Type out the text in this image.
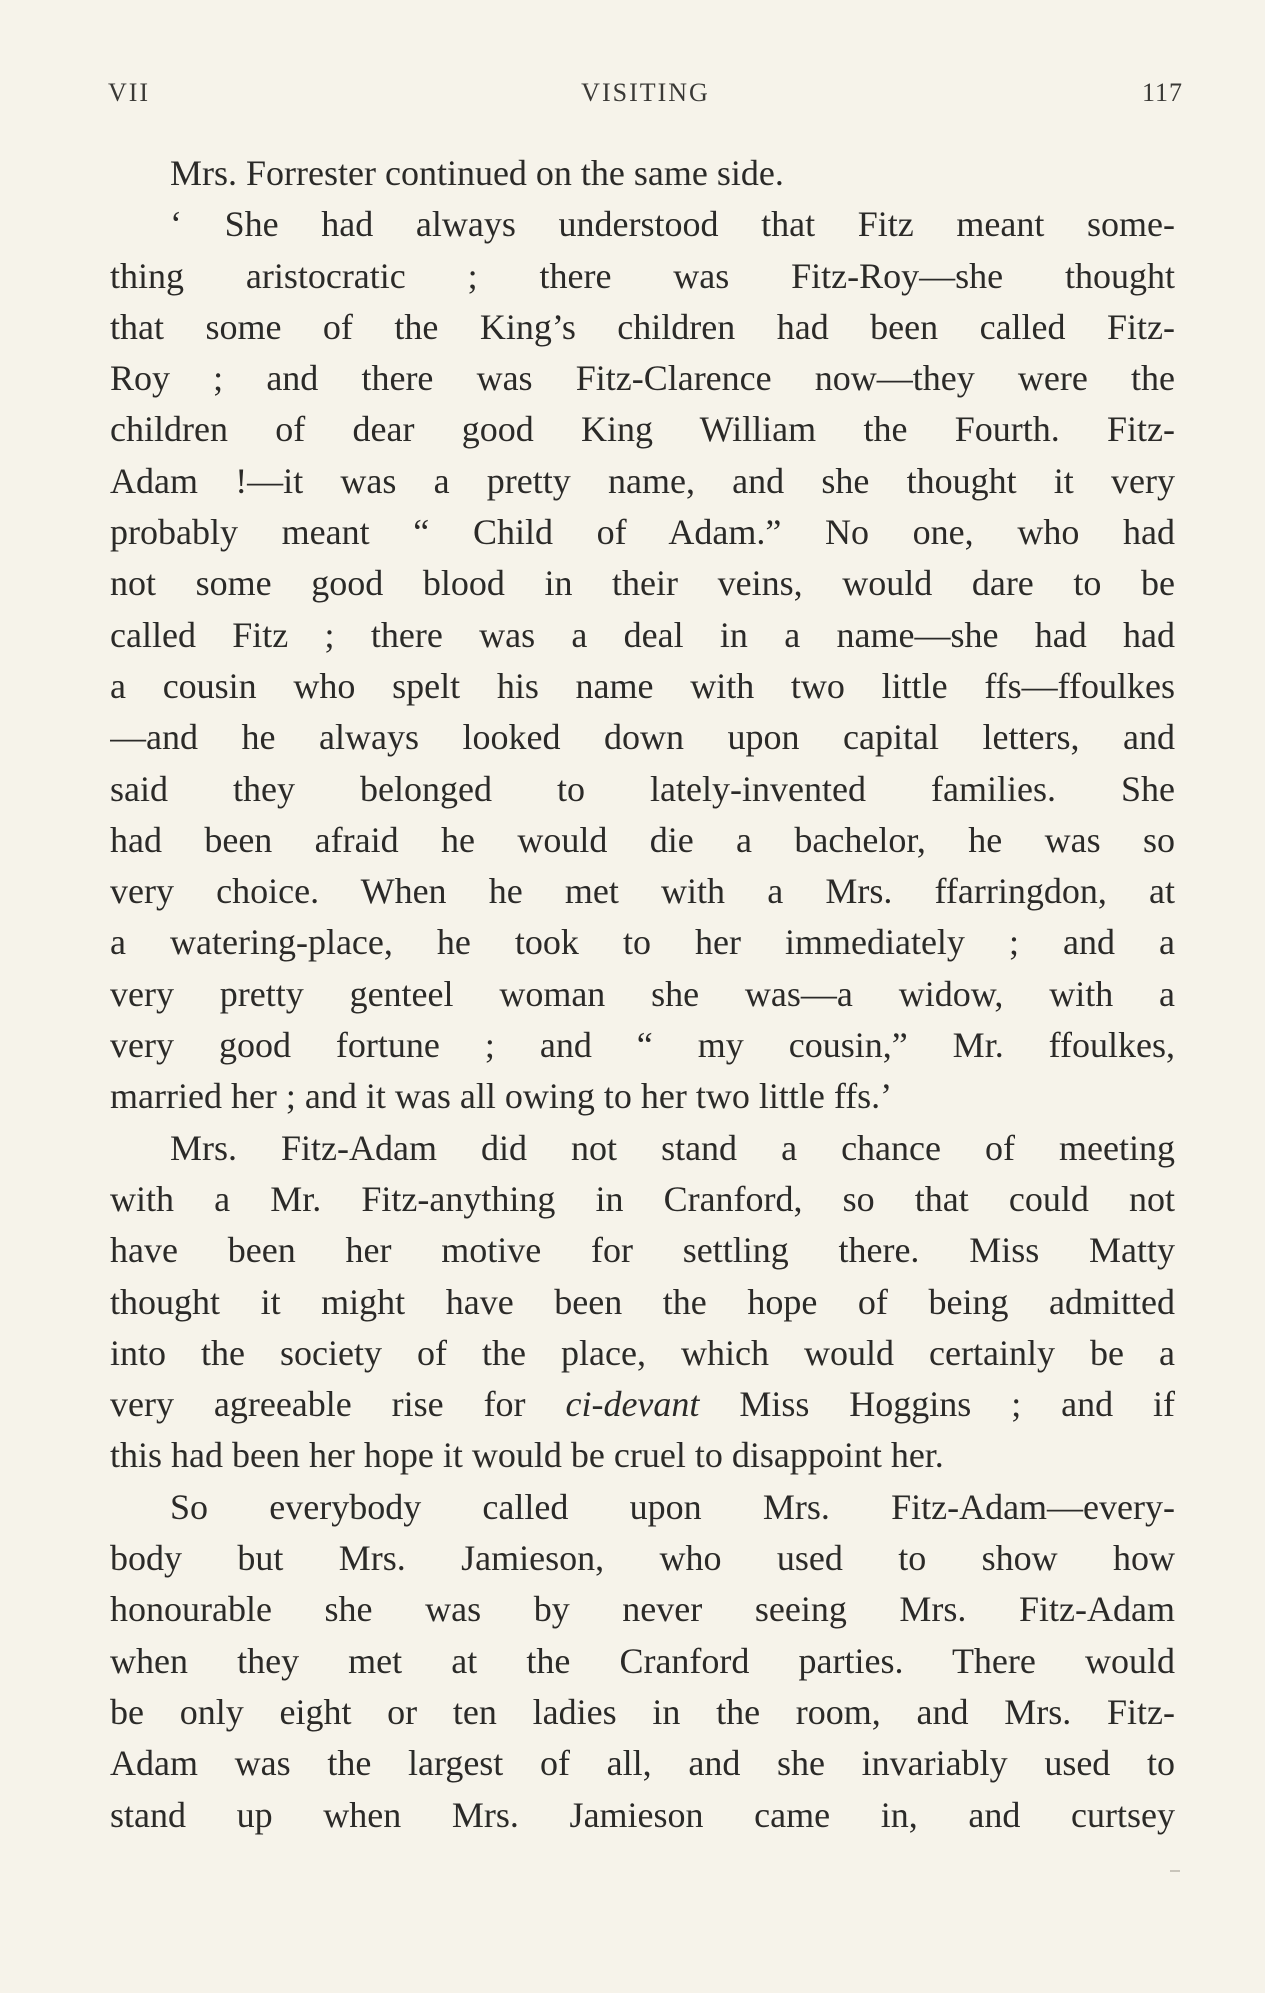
VII	VISITING	117
Mrs. Forrester continued on the same side.
‘ She had always understood that Fitz meant some-
thing aristocratic ; there was Fitz-Roy—she thought
that some of the King’s children had been called Fitz-
Roy ; and there was Fitz-Clarence now—they were the
children of dear good King William the Fourth. Fitz-
Adam !—it was a pretty name, and she thought it very
probably meant “ Child of Adam.” No one, who had
not some good blood in their veins, would dare to be
called Fitz ; there was a deal in a name—she had had
a cousin who spelt his name with two little ffs—ffoulkes
—and he always looked down upon capital letters, and
said they belonged to lately-invented families. She
had been afraid he would die a bachelor, he was so
very choice. When he met with a Mrs. ffarringdon, at
a watering-place, he took to her immediately ; and a
very pretty genteel woman she was—a widow, with a
very good fortune ; and “ my cousin,” Mr. ffoulkes,
married her ; and it was all owing to her two little ffs.’
Mrs. Fitz-Adam did not stand a chance of meeting
with a Mr. Fitz-anything in Cranford, so that could not
have been her motive for settling there. Miss Matty
thought it might have been the hope of being admitted
into the society of the place, which would certainly be a
very agreeable rise for ci-devant Miss Hoggins ; and if
this had been her hope it would be cruel to disappoint her.
So everybody called upon Mrs. Fitz-Adam—every-
body but Mrs. Jamieson, who used to show how
honourable she was by never seeing Mrs. Fitz-Adam
when they met at the Cranford parties. There would
be only eight or ten ladies in the room, and Mrs. Fitz-
Adam was the largest of all, and she invariably used to
stand up when Mrs. Jamieson came in, and curtsey
